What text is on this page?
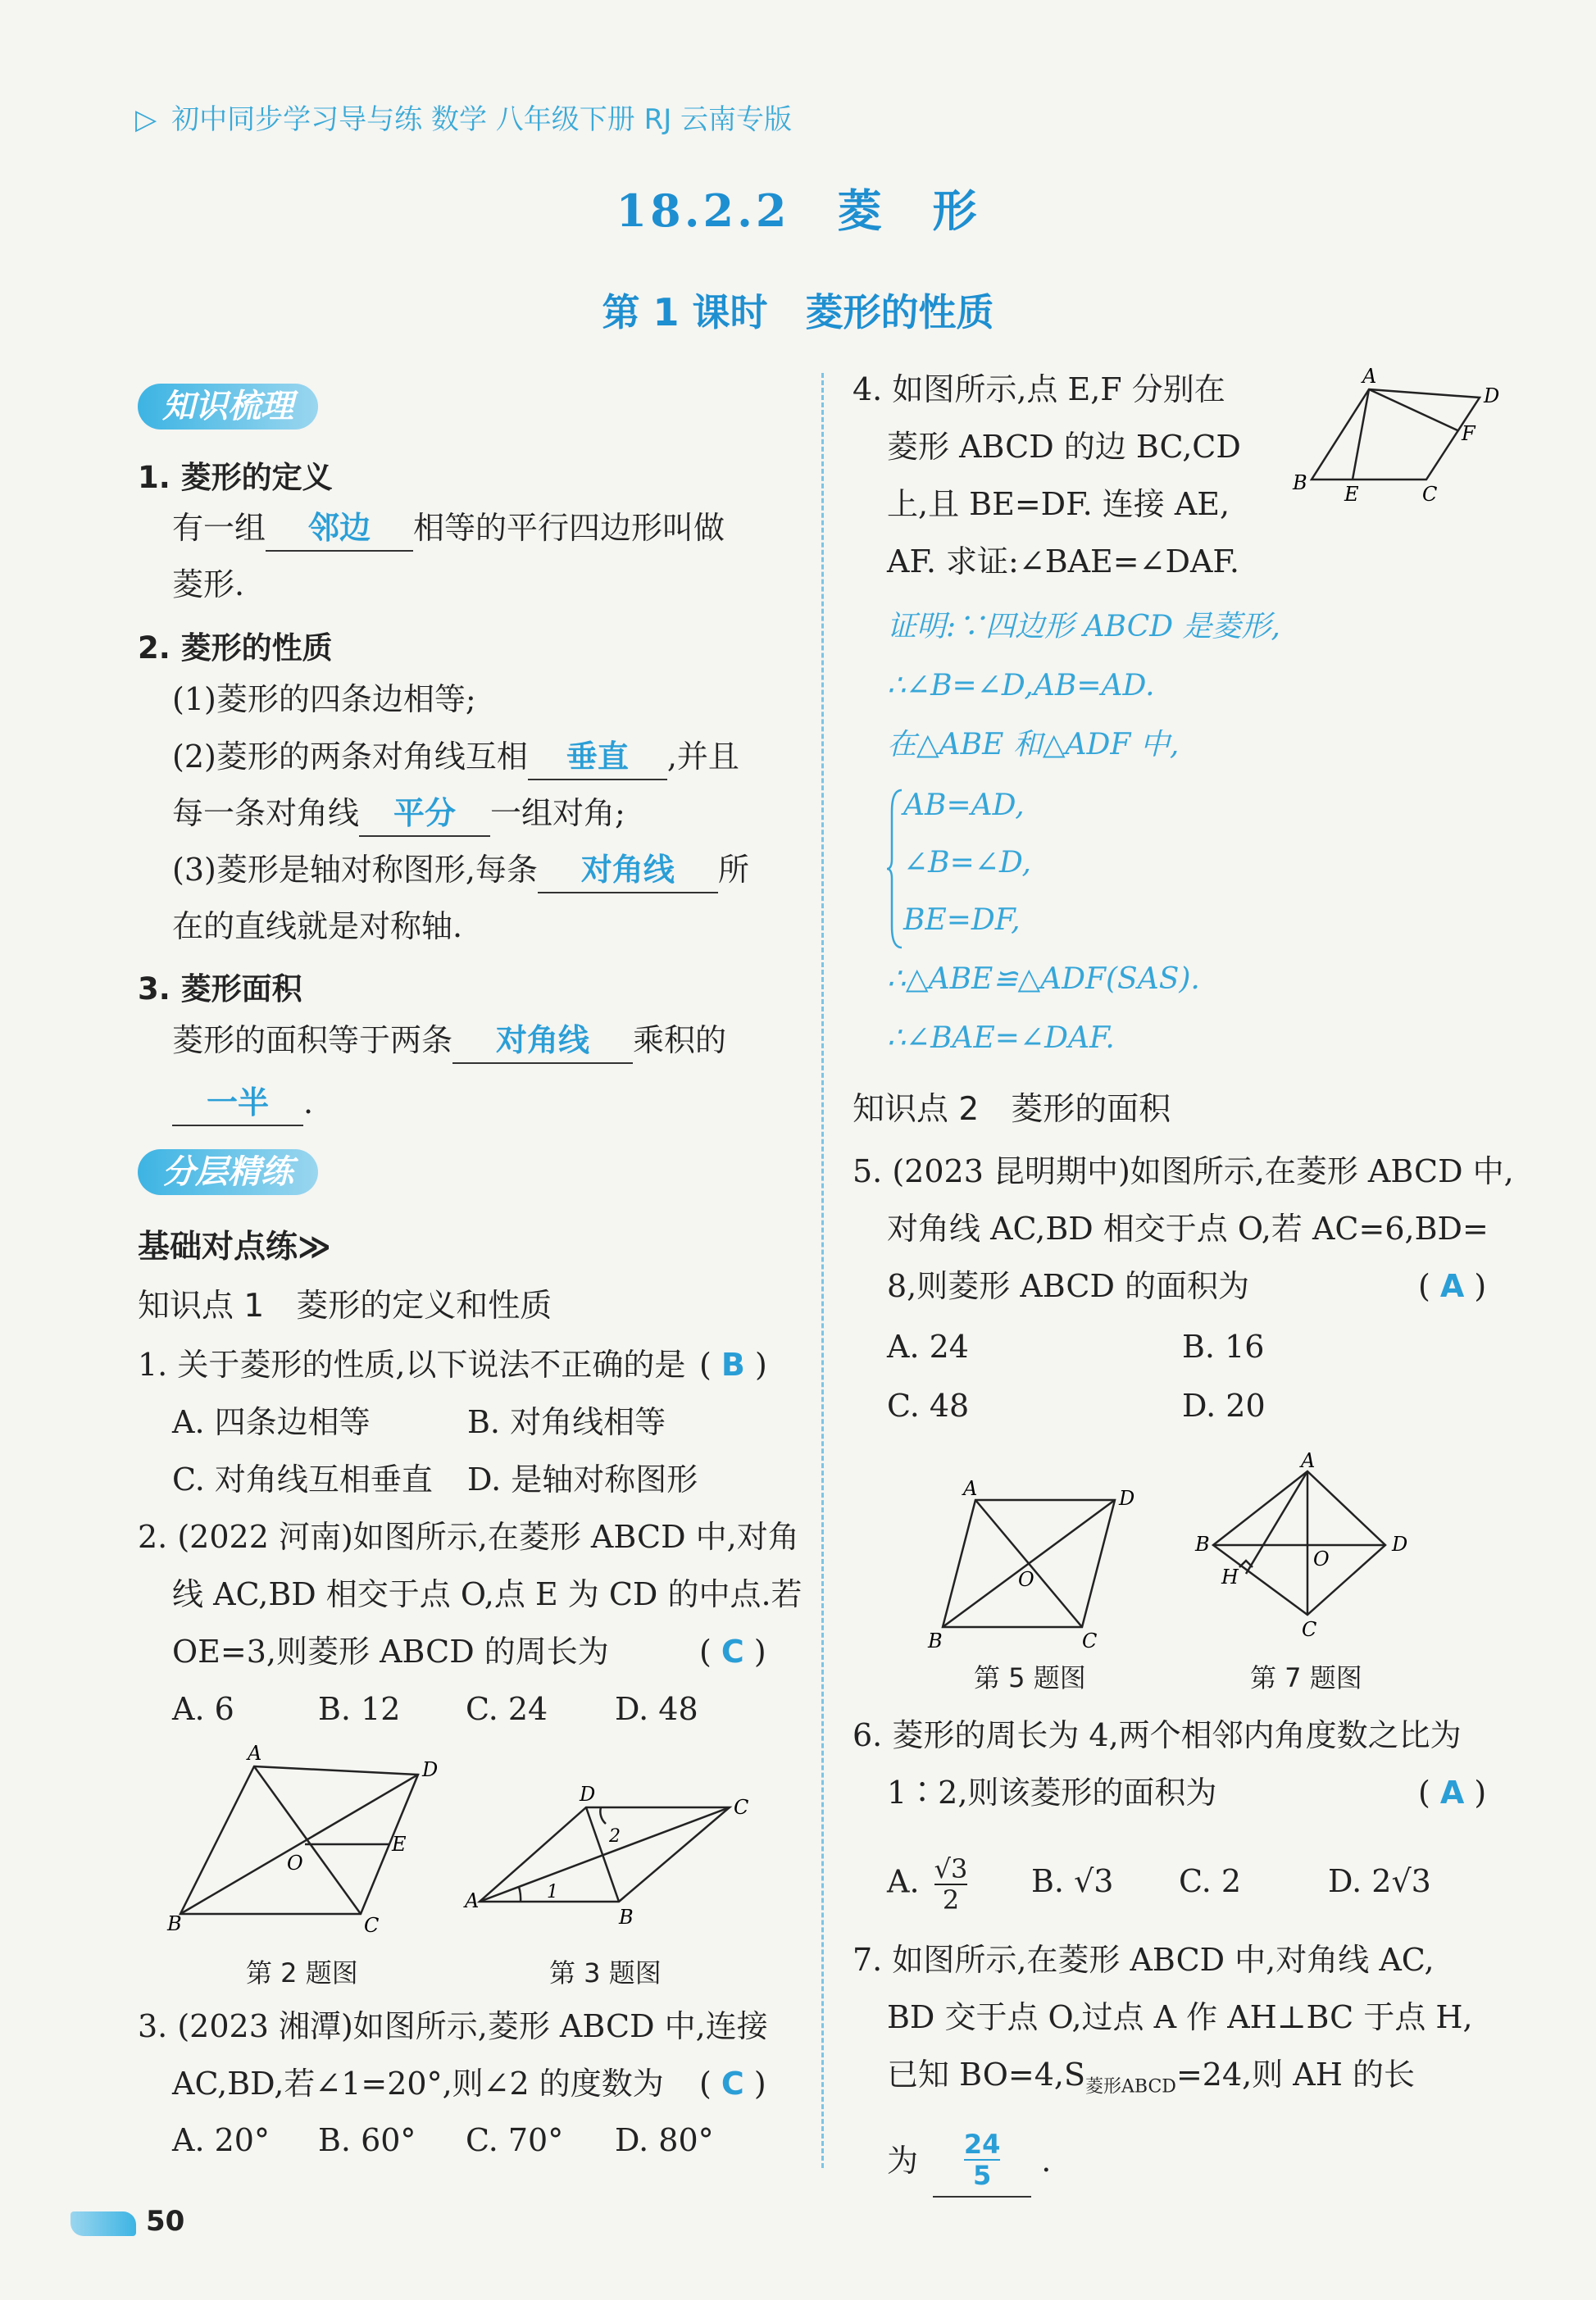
▷ 初中同步学习导与练 数学 八年级下册 RJ 云南专版
18.2.2　菱　形
第 1 课时　菱形的性质
知识梳理
1. 菱形的定义
有一组 邻边 相等的平行四边形叫做
菱形.
2. 菱形的性质
(1)菱形的四条边相等;
(2)菱形的两条对角线互相 垂直 ,并且
每一条对角线 平分 一组对角;
(3)菱形是轴对称图形,每条 对角线 所
在的直线就是对称轴.
3. 菱形面积
菱形的面积等于两条 对角线 乘积的
一半 .
分层精练
基础对点练≫
知识点 1　菱形的定义和性质
1. 关于菱形的性质,以下说法不正确的是 ( B )
A. 四条边相等	B. 对角线相等
C. 对角线互相垂直 D. 是轴对称图形
2. (2022 河南)如图所示,在菱形 ABCD 中,对角
线 AC,BD 相交于点 O,点 E 为 CD 的中点.若
OE=3,则菱形 ABCD 的周长为	( C )
A. 6	B. 12 C. 24 D. 48
A
D
B	C
O
E
第 2 题图
D
C
A
B
1
2
第 3 题图
3. (2023 湘潭)如图所示,菱形 ABCD 中,连接
AC,BD,若∠1=20°,则∠2 的度数为 ( C )
A. 20° B. 60° C. 70° D. 80°
4. 如图所示,点 E,F 分别在
菱形 ABCD 的边 BC,CD
上,且 BE=DF. 连接 AE,
AF. 求证:∠BAE=∠DAF.
A
D
F
B E	C
证明:∵四边形 ABCD 是菱形,
∴∠B=∠D,AB=AD.
在△ABE 和△ADF 中,
AB=AD,
∠B=∠D,
BE=DF,
∴△ABE≌△ADF(SAS).
∴∠BAE=∠DAF.
知识点 2　菱形的面积
5. (2023 昆明期中)如图所示,在菱形 ABCD 中,
对角线 AC,BD 相交于点 O,若 AC=6,BD=
8,则菱形 ABCD 的面积为	( A )
A. 24	B. 16
C. 48	D. 20
A	D
B	C
O
第 5 题图
A
D
B
C
O
H
第 7 题图
6. 菱形的周长为 4,两个相邻内角度数之比为
1∶2,则该菱形的面积为	( A )
A. $\frac{√3}{2} B$. √3 C. 2	D. 2√3
7. 如图所示,在菱形 ABCD 中,对角线 AC,
BD 交于点 O,过点 A 作 AH⊥BC 于点 H,
已知 $BO=4,S_{菱形ABCD}=24$,则 AH 的长
为 $\frac{24}{5}$ .
50
